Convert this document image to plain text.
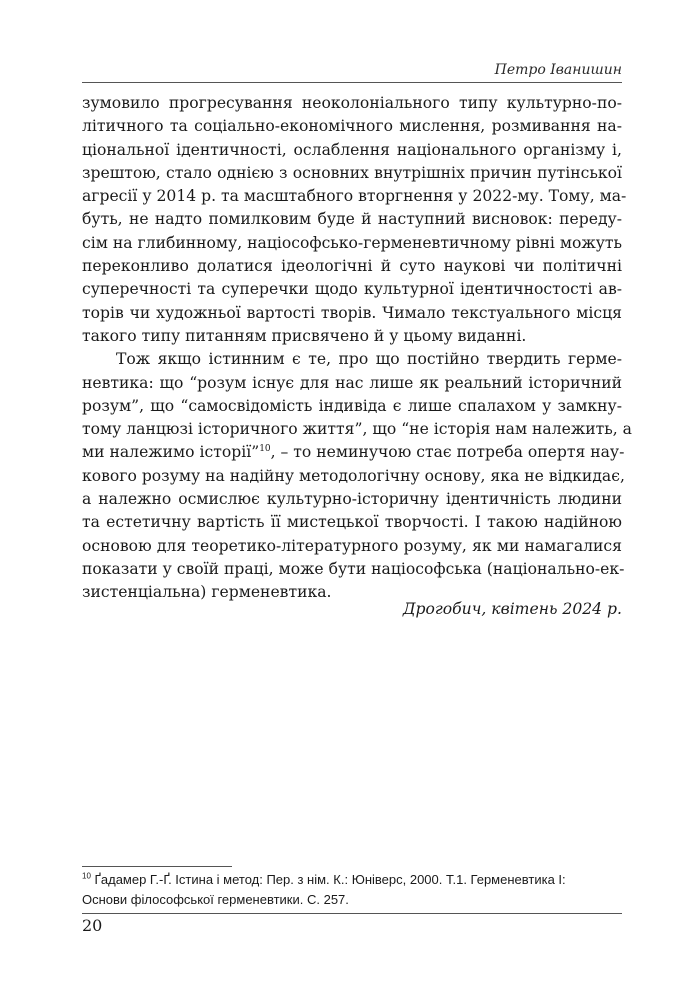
Петро Іванишин
зумовило прогресування неоколоніального типу культурно-по-
літичного та соціально-економічного мислення, розмивання на-
ціональної ідентичності, ослаблення національного організму і,
зрештою, стало однією з основних внутрішніх причин путінської
агресії у 2014 р. та масштабного вторгнення у 2022-му. Тому, ма-
буть, не надто помилковим буде й наступний висновок: переду-
сім на глибинному, націософсько-герменевтичному рівні можуть
переконливо долатися ідеологічні й суто наукові чи політичні
суперечності та суперечки щодо культурної ідентичностості ав-
торів чи художньої вартості творів. Чимало текстуального місця
такого типу питанням присвячено й у цьому виданні.
Тож якщо істинним є те, про що постійно твердить герме-
невтика: що “розум існує для нас лише як реальний історичний
розум”, що “самосвідомість індивіда є лише спалахом у замкну-
тому ланцюзі історичного життя”, що “не історія нам належить, а
ми належимо історії”$^{10}$, – то неминучою стає потреба опертя нау-
кового розуму на надійну методологічну основу, яка не відкидає,
а належно осмислює культурно-історичну ідентичність людини
та естетичну вартість її мистецької творчості. І такою надійною
основою для теоретико-літературного розуму, як ми намагалися
показати у своїй праці, може бути націософська (національно-ек-
зистенціальна) герменевтика.
Дрогобич, квітень 2024 р.
$^{10}$ Ґадамер Г.-Ґ. Істина і метод: Пер. з нім. К.: Юніверс, 2000. Т.1. Герменевтика І:
Основи філософської герменевтики. С. 257.
20
